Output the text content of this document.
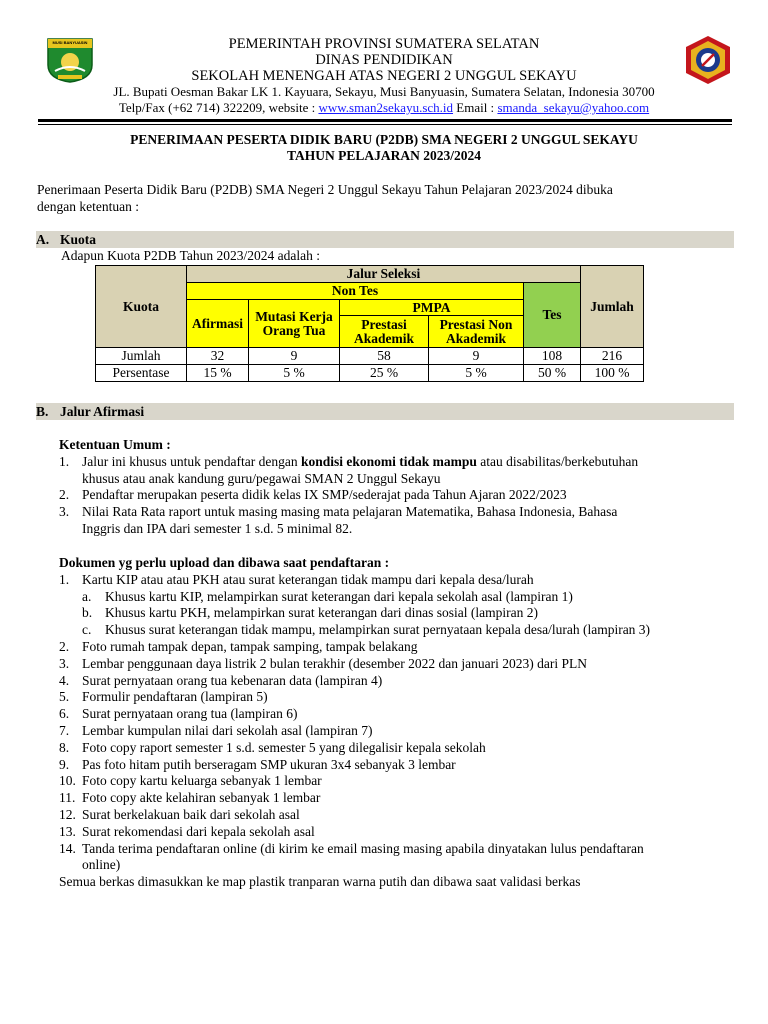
MUSI BANYUASIN	PEMERINTAH PROVINSI SUMATERA SELATAN
DINAS PENDIDIKAN
SEKOLAH MENENGAH ATAS NEGERI 2 UNGGUL SEKAYU
JL. Bupati Oesman Bakar LK 1. Kayuara, Sekayu, Musi Banyuasin, Sumatera Selatan, Indonesia 30700
Telp/Fax (+62 714) 322209, website : www.sman2sekayu.sch.id Email : smanda_sekayu@yahoo.com
PENERIMAAN PESERTA DIDIK BARU (P2DB) SMA NEGERI 2 UNGGUL SEKAYU
TAHUN PELAJARAN 2023/2024
Penerimaan Peserta Didik Baru (P2DB) SMA Negeri 2 Unggul Sekayu Tahun Pelajaran 2023/2024 dibuka
dengan ketentuan :
A. Kuota
Adapun Kuota P2DB Tahun 2023/2024 adalah :
Kuota	Jalur Seleksi					Jumlah
	Non Tes				Tes	
	Afirmasi	Mutasi Kerja Orang Tua	PMPA			
			Prestasi Akademik	Prestasi Non Akademik		
Jumlah	32	9	58	9	108	216
Persentase	15 %	5 %	25 %	5 %	50 %	100 %
B. Jalur Afirmasi
Ketentuan Umum :
1. Jalur ini khusus untuk pendaftar dengan kondisi ekonomi tidak mampu atau disabilitas/berkebutuhan
khusus atau anak kandung guru/pegawai SMAN 2 Unggul Sekayu
2. Pendaftar merupakan peserta didik kelas IX SMP/sederajat pada Tahun Ajaran 2022/2023
3. Nilai Rata Rata raport untuk masing masing mata pelajaran Matematika, Bahasa Indonesia, Bahasa
Inggris dan IPA dari semester 1 s.d. 5 minimal 82.
Dokumen yg perlu upload dan dibawa saat pendaftaran :
1. Kartu KIP atau atau PKH atau surat keterangan tidak mampu dari kepala desa/lurah
a. Khusus kartu KIP, melampirkan surat keterangan dari kepala sekolah asal (lampiran 1)
b. Khusus kartu PKH, melampirkan surat keterangan dari dinas sosial (lampiran 2)
c. Khusus surat keterangan tidak mampu, melampirkan surat pernyataan kepala desa/lurah (lampiran 3)
2. Foto rumah tampak depan, tampak samping, tampak belakang
3. Lembar penggunaan daya listrik 2 bulan terakhir (desember 2022 dan januari 2023) dari PLN
4. Surat pernyataan orang tua kebenaran data (lampiran 4)
5. Formulir pendaftaran (lampiran 5)
6. Surat pernyataan orang tua (lampiran 6)
7. Lembar kumpulan nilai dari sekolah asal (lampiran 7)
8. Foto copy raport semester 1 s.d. semester 5 yang dilegalisir kepala sekolah
9. Pas foto hitam putih berseragam SMP ukuran 3x4 sebanyak 3 lembar
10. Foto copy kartu keluarga sebanyak 1 lembar
11. Foto copy akte kelahiran sebanyak 1 lembar
12. Surat berkelakuan baik dari sekolah asal
13. Surat rekomendasi dari kepala sekolah asal
14. Tanda terima pendaftaran online (di kirim ke email masing masing apabila dinyatakan lulus pendaftaran
online)
Semua berkas dimasukkan ke map plastik tranparan warna putih dan dibawa saat validasi berkas
